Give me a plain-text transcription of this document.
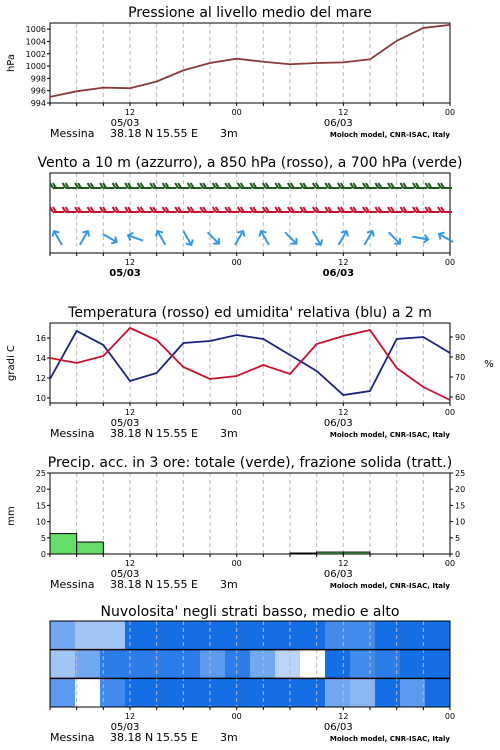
Pressione al livello medio del mare
994
996
998
1000
1002
1004
1006
hPa
12	00	12	00
05/03	06/03
Messina 38.18 N 15.55 E 3m	Moloch model, CNR-ISAC, Italy
Vento a 10 m (azzurro), a 850 hPa (rosso), a 700 hPa (verde)
12	00	12	00
05/03	06/03
Temperatura (rosso) ed umidita' relativa (blu) a 2 m
10
12
14
16
60
70
80
90
gradi C	%
12	00	12	00
05/03	06/03
Messina 38.18 N 15.55 E 3m	Moloch model, CNR-ISAC, Italy
Precip. acc. in 3 ore: totale (verde), frazione solida (tratt.)
0
5
10
15
20
25
0
5
10
15
20
25
mm
12	00	12	00
05/03	06/03
Messina 38.18 N 15.55 E 3m	Moloch model, CNR-ISAC, Italy
Nuvolosita' negli strati basso, medio e alto
12	00	12	00
05/03	06/03
Messina 38.18 N 15.55 E 3m	Moloch model, CNR-ISAC, Italy
